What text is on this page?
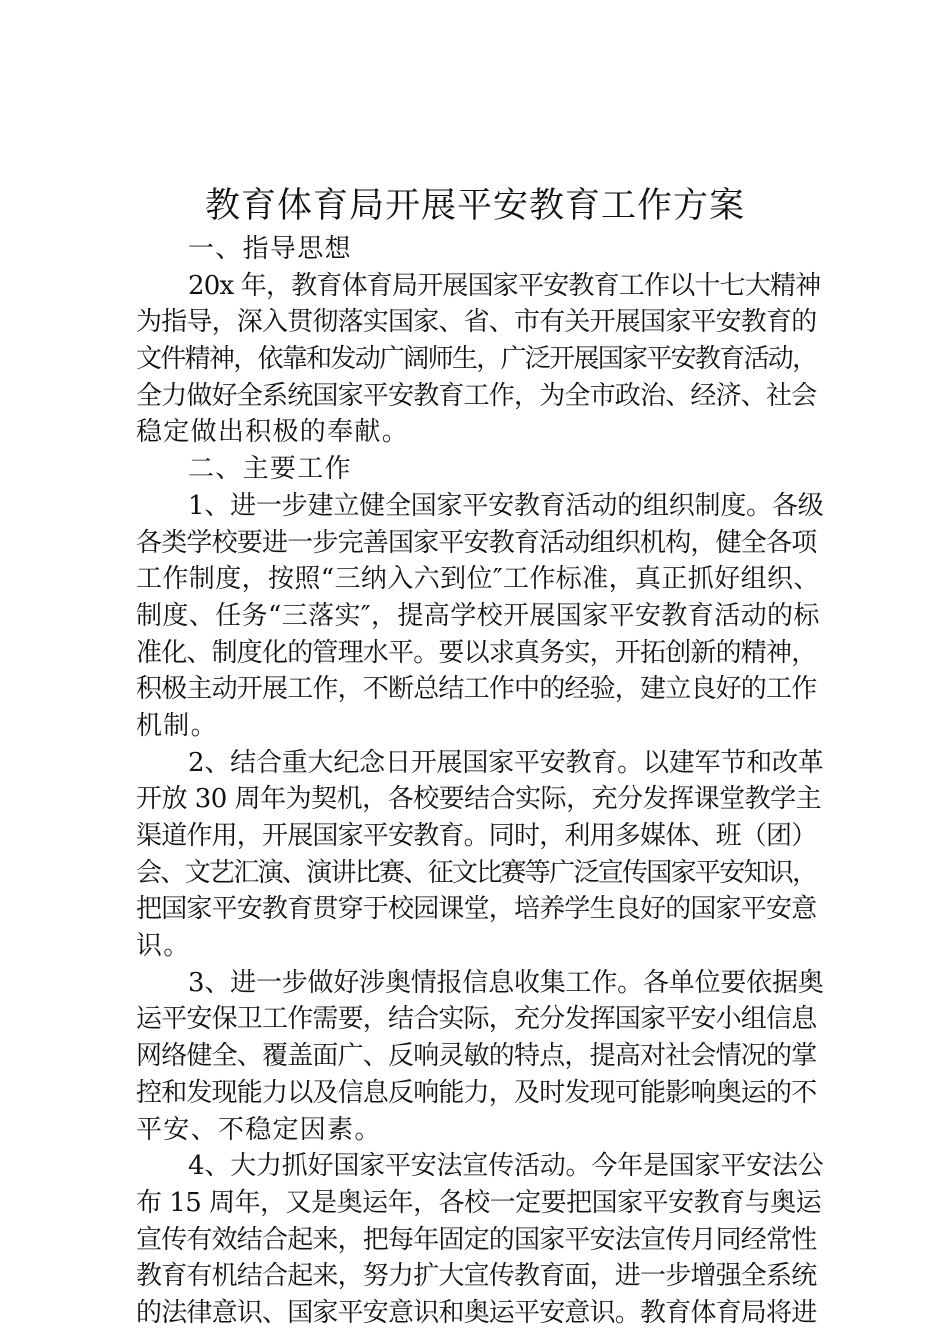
教育体育局开展平安教育工作方案
一、指导思想
20x 年，教育体育局开展国家平安教育工作以十七大精神
为指导，深入贯彻落实国家、省、市有关开展国家平安教育的
文件精神，依靠和发动广阔师生，广泛开展国家平安教育活动，
全力做好全系统国家平安教育工作，为全市政治、经济、社会
稳定做出积极的奉献。
二、主要工作
1、进一步建立健全国家平安教育活动的组织制度。各级
各类学校要进一步完善国家平安教育活动组织机构，健全各项
工作制度，按照“三纳入六到位″工作标准，真正抓好组织、
制度、任务“三落实″，提高学校开展国家平安教育活动的标
准化、制度化的管理水平。要以求真务实，开拓创新的精神，
积极主动开展工作，不断总结工作中的经验，建立良好的工作
机制。
2、结合重大纪念日开展国家平安教育。以建军节和改革
开放 30 周年为契机，各校要结合实际，充分发挥课堂教学主
渠道作用，开展国家平安教育。同时，利用多媒体、班（团）
会、文艺汇演、演讲比赛、征文比赛等广泛宣传国家平安知识，
把国家平安教育贯穿于校园课堂，培养学生良好的国家平安意
识。
3、进一步做好涉奥情报信息收集工作。各单位要依据奥
运平安保卫工作需要，结合实际，充分发挥国家平安小组信息
网络健全、覆盖面广、反响灵敏的特点，提高对社会情况的掌
控和发现能力以及信息反响能力，及时发现可能影响奥运的不
平安、不稳定因素。
4、大力抓好国家平安法宣传活动。今年是国家平安法公
布 15 周年，又是奥运年，各校一定要把国家平安教育与奥运
宣传有效结合起来，把每年固定的国家平安法宣传月同经常性
教育有机结合起来，努力扩大宣传教育面，进一步增强全系统
的法律意识、国家平安意识和奥运平安意识。教育体育局将进
